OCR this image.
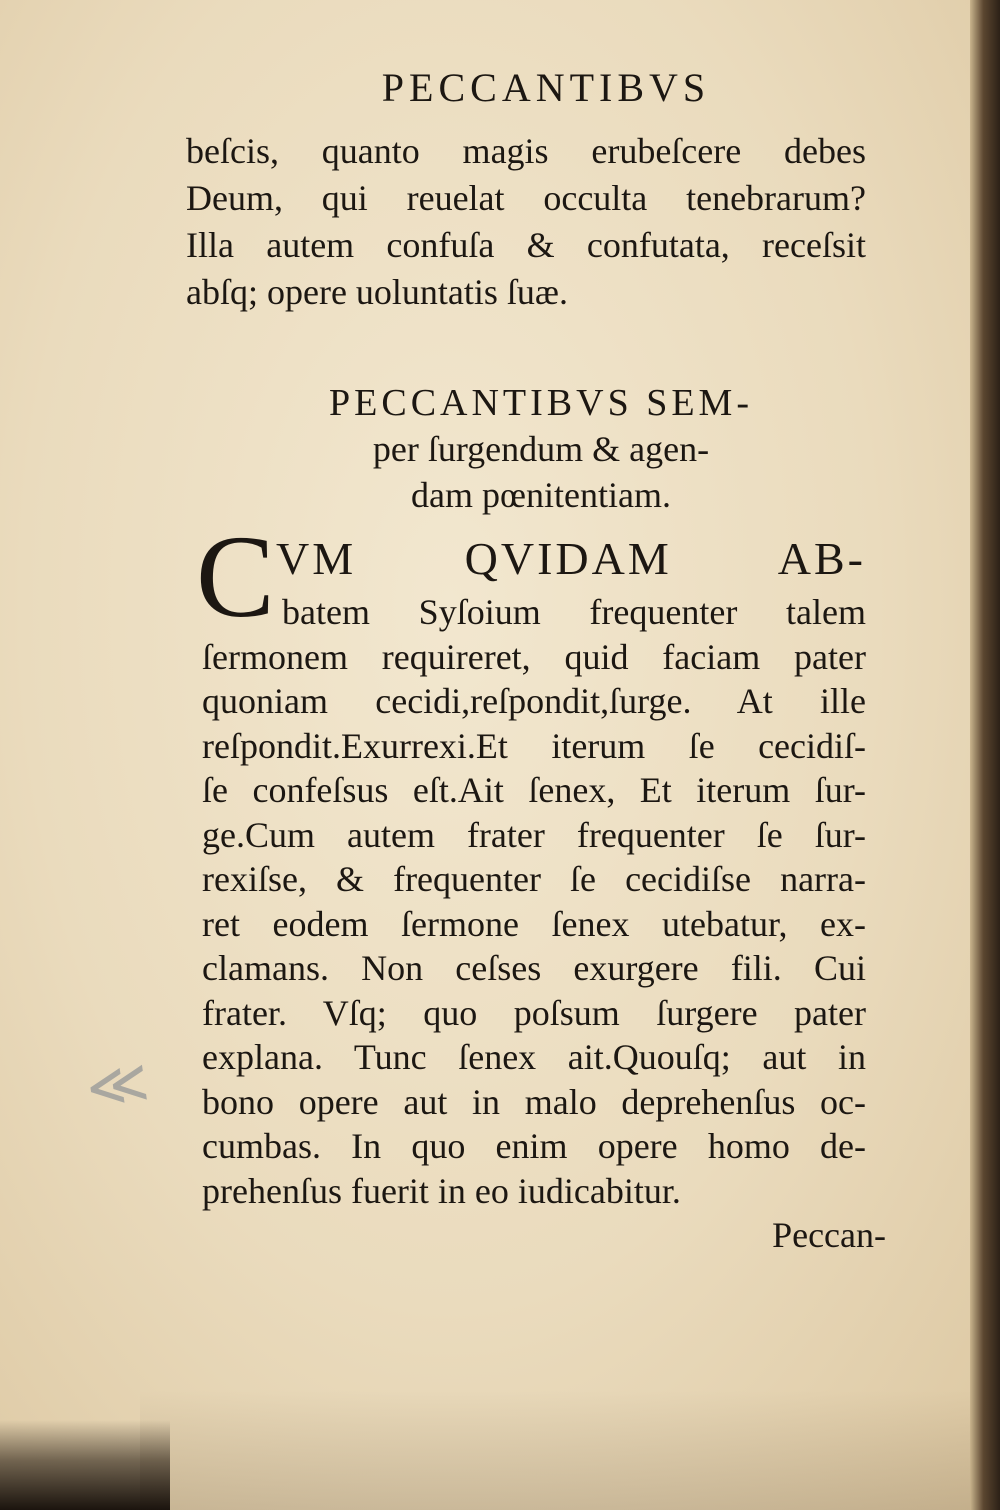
≪
PECCANTIBVS
beſcis, quanto magis erubeſcere debes
Deum, qui reuelat occulta tenebrarum?
Illa autem confuſa & confutata, receſsit
abſq; opere uoluntatis ſuæ.
PECCANTIBVS SEM-
per ſurgendum & agen-
dam pœnitentiam.
C VM QVIDAM AB-
batem Syſoium frequenter talem
ſermonem requireret, quid faciam pater
quoniam cecidi,reſpondit,ſurge. At ille
reſpondit.Exurrexi.Et iterum ſe cecidiſ-
ſe confeſsus eſt.Ait ſenex, Et iterum ſur-
ge.Cum autem frater frequenter ſe ſur-
rexiſse, & frequenter ſe cecidiſse narra-
ret eodem ſermone ſenex utebatur, ex-
clamans. Non ceſses exurgere fili. Cui
frater. Vſq; quo poſsum ſurgere pater
explana. Tunc ſenex ait.Quouſq; aut in
bono opere aut in malo deprehenſus oc-
cumbas. In quo enim opere homo de-
prehenſus fuerit in eo iudicabitur.
Peccan-
